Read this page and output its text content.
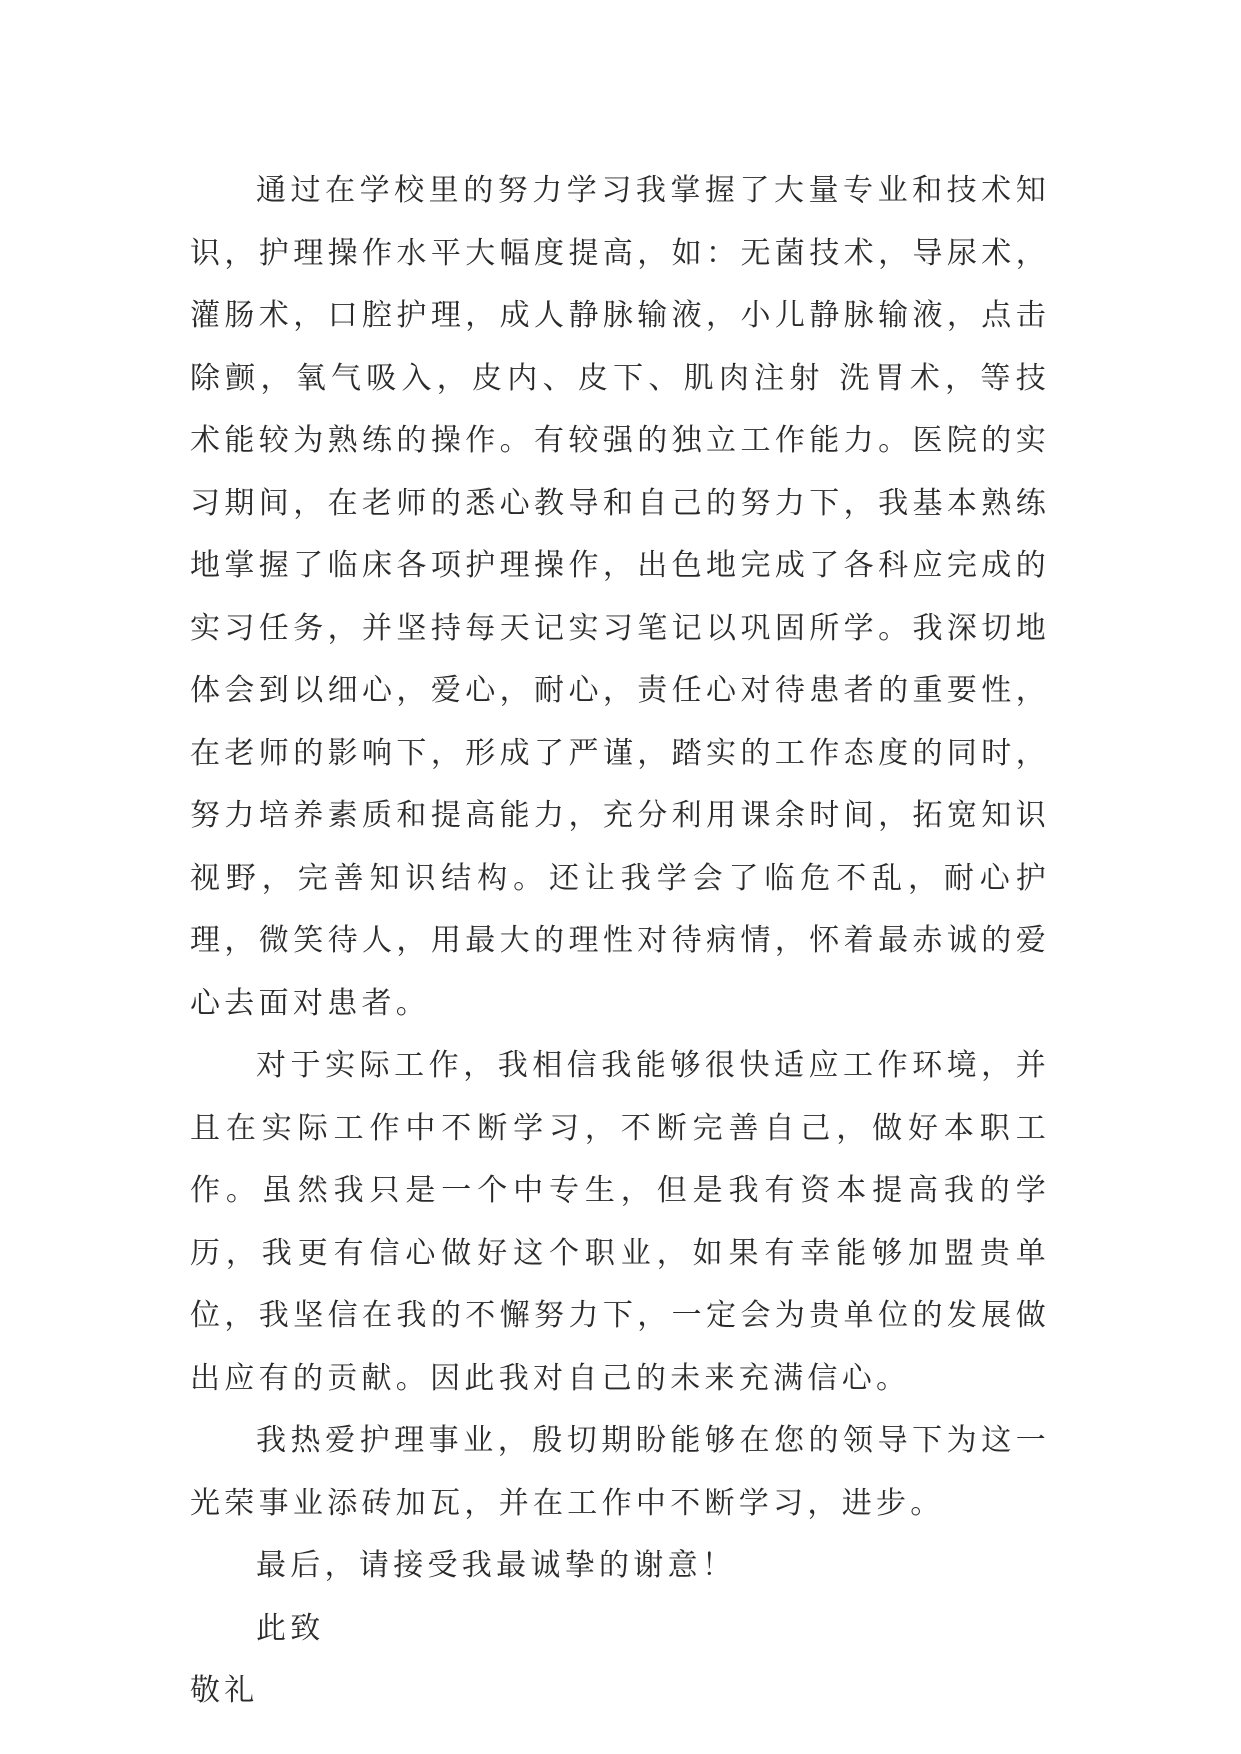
通过在学校里的努力学习我掌握了大量专业和技术知识，护理操作水平大幅度提高，如：无菌技术，导尿术，灌肠术，口腔护理，成人静脉输液，小儿静脉输液，点击除颤，氧气吸入，皮内、皮下、肌肉注射 洗胃术，等技术能较为熟练的操作。有较强的独立工作能力。医院的实习期间，在老师的悉心教导和自己的努力下，我基本熟练地掌握了临床各项护理操作，出色地完成了各科应完成的实习任务，并坚持每天记实习笔记以巩固所学。我深切地体会到以细心，爱心，耐心，责任心对待患者的重要性，在老师的影响下，形成了严谨，踏实的工作态度的同时，努力培养素质和提高能力，充分利用课余时间，拓宽知识视野，完善知识结构。还让我学会了临危不乱，耐心护理，微笑待人，用最大的理性对待病情，怀着最赤诚的爱心去面对患者。

对于实际工作，我相信我能够很快适应工作环境，并且在实际工作中不断学习，不断完善自己，做好本职工作。虽然我只是一个中专生，但是我有资本提高我的学历，我更有信心做好这个职业，如果有幸能够加盟贵单位，我坚信在我的不懈努力下，一定会为贵单位的发展做出应有的贡献。因此我对自己的未来充满信心。

我热爱护理事业，殷切期盼能够在您的领导下为这一光荣事业添砖加瓦，并在工作中不断学习，进步。

最后，请接受我最诚挚的谢意！

此致

敬礼
